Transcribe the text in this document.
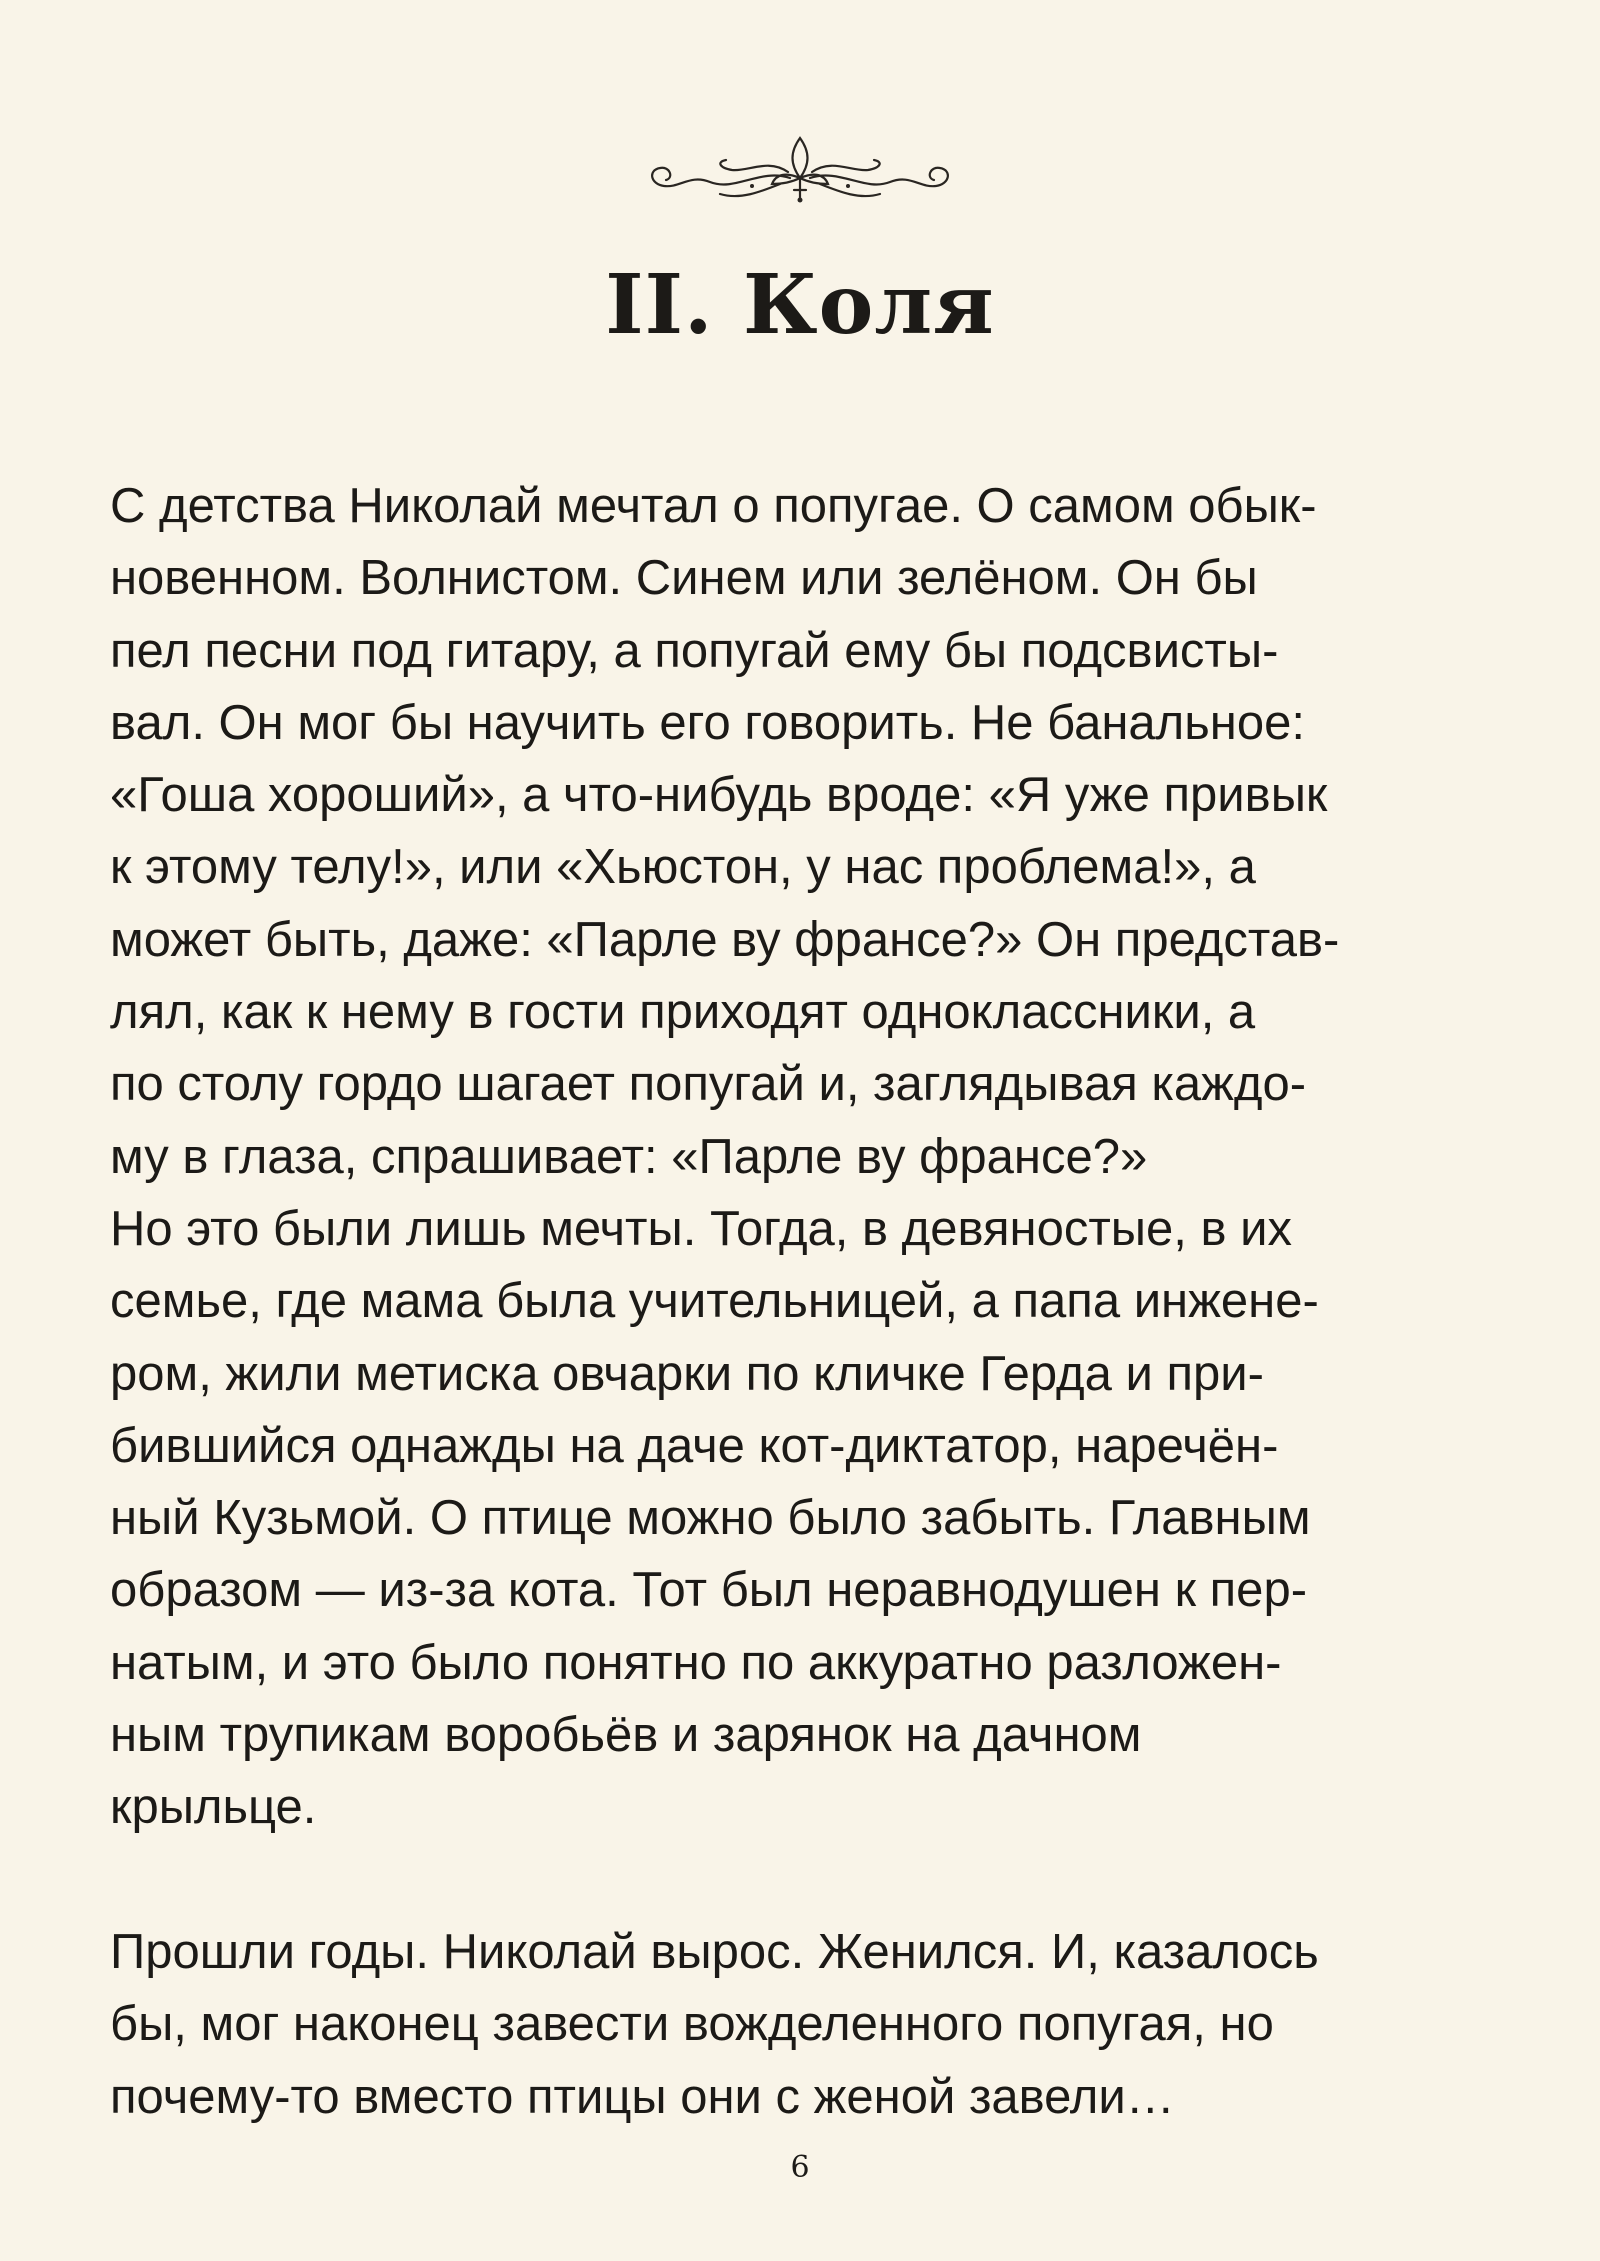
II. Коля
С детства Николай мечтал о попугае. О самом обык-
новенном. Волнистом. Синем или зелёном. Он бы
пел песни под гитару, а попугай ему бы подсвисты-
вал. Он мог бы научить его говорить. Не банальное:
«Гоша хороший», а что-нибудь вроде: «Я уже привык
к этому телу!», или «Хьюстон, у нас проблема!», а
может быть, даже: «Парле ву франсе?» Он представ-
лял, как к нему в гости приходят одноклассники, а
по столу гордо шагает попугай и, заглядывая каждо-
му в глаза, спрашивает: «Парле ву франсе?»
Но это были лишь мечты. Тогда, в девяностые, в их
семье, где мама была учительницей, а папа инжене-
ром, жили метиска овчарки по кличке Герда и при-
бившийся однажды на даче кот-диктатор, наречён-
ный Кузьмой. О птице можно было забыть. Главным
образом — из-за кота. Тот был неравнодушен к пер-
натым, и это было понятно по аккуратно разложен-
ным трупикам воробьёв и зарянок на дачном
крыльце.
Прошли годы. Николай вырос. Женился. И, казалось
бы, мог наконец завести вожделенного попугая, но
почему-то вместо птицы они с женой завели…
6
